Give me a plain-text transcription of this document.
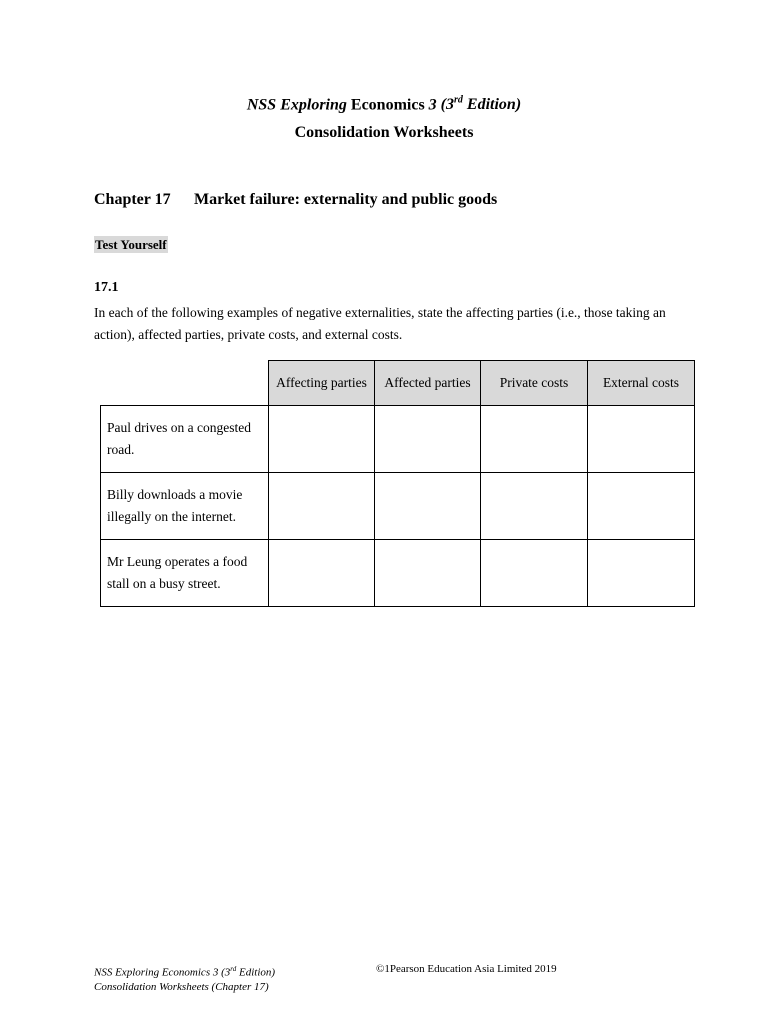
NSS Exploring Economics 3 (3rd Edition)
Consolidation Worksheets
Chapter 17 Market failure: externality and public goods
Test Yourself
17.1
In each of the following examples of negative externalities, state the affecting parties (i.e., those taking an action), affected parties, private costs, and external costs.
	Affecting parties	Affected parties	Private costs	External costs
Paul drives on a congested road.				
Billy downloads a movie illegally on the internet.				
Mr Leung operates a food stall on a busy street.				
NSS Exploring Economics 3 (3rd Edition)
Consolidation Worksheets (Chapter 17)
©1Pearson Education Asia Limited 2019
